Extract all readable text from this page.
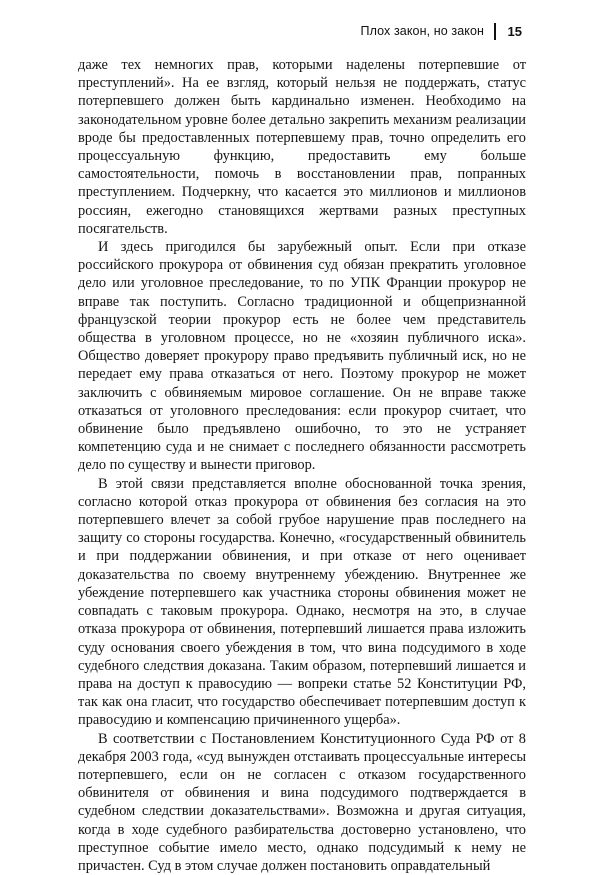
Плох закон, но закон	15

даже тех немногих прав, которыми наделены потерпевшие от преступлений». На ее взгляд, который нельзя не поддержать, статус потерпевшего должен быть кардинально изменен. Необходимо на законодательном уровне более детально закрепить механизм реализации вроде бы предоставленных потерпевшему прав, точно определить его процессуальную функцию, предоставить ему больше самостоятельности, помочь в восстановлении прав, попранных преступлением. Подчеркну, что касается это миллионов и миллионов россиян, ежегодно становящихся жертвами разных преступных посягательств.

И здесь пригодился бы зарубежный опыт. Если при отказе российского прокурора от обвинения суд обязан прекратить уголовное дело или уголовное преследование, то по УПК Франции прокурор не вправе так поступить. Согласно традиционной и общепризнанной французской теории прокурор есть не более чем представитель общества в уголовном процессе, но не «хозяин публичного иска». Общество доверяет прокурору право предъявить публичный иск, но не передает ему права отказаться от него. Поэтому прокурор не может заключить с обвиняемым мировое соглашение. Он не вправе также отказаться от уголовного преследования: если прокурор считает, что обвинение было предъявлено ошибочно, то это не устраняет компетенцию суда и не снимает с последнего обязанности рассмотреть дело по существу и вынести приговор.

В этой связи представляется вполне обоснованной точка зрения, согласно которой отказ прокурора от обвинения без согласия на это потерпевшего влечет за собой грубое нарушение прав последнего на защиту со стороны государства. Конечно, «государственный обвинитель и при поддержании обвинения, и при отказе от него оценивает доказательства по своему внутреннему убеждению. Внутреннее же убеждение потерпевшего как участника стороны обвинения может не совпадать с таковым прокурора. Однако, несмотря на это, в случае отказа прокурора от обвинения, потерпевший лишается права изложить суду основания своего убеждения в том, что вина подсудимого в ходе судебного следствия доказана. Таким образом, потерпевший лишается и права на доступ к правосудию — вопреки статье 52 Конституции РФ, так как она гласит, что государство обеспечивает потерпевшим доступ к правосудию и компенсацию причиненного ущерба».

В соответствии с Постановлением Конституционного Суда РФ от 8 декабря 2003 года, «суд вынужден отстаивать процессуальные интересы потерпевшего, если он не согласен с отказом государственного обвинителя от обвинения и вина подсудимого подтверждается в судебном следствии доказательствами». Возможна и другая ситуация, когда в ходе судебного разбирательства достоверно установлено, что преступное событие имело место, однако подсудимый к нему не причастен. Суд в этом случае должен постановить оправдательный
